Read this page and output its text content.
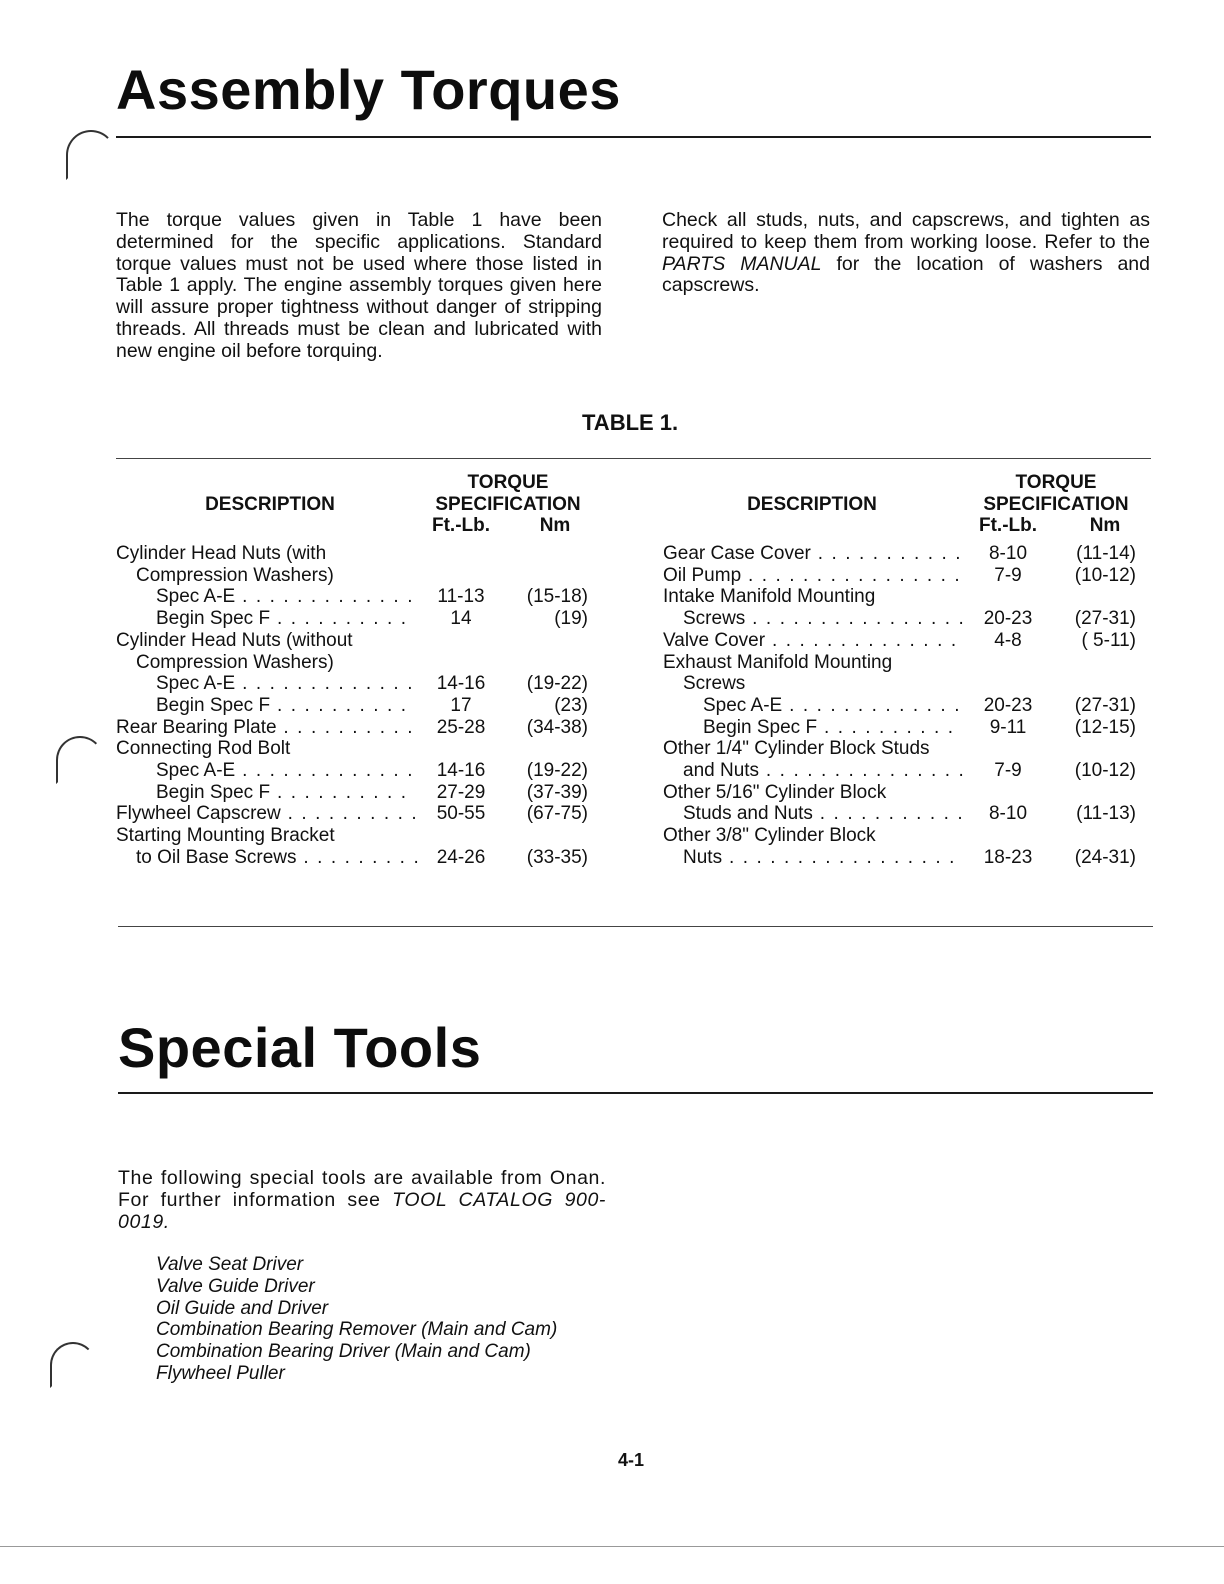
Assembly Torques
The torque values given in Table 1 have been determined for the specific applications. Standard torque values must not be used where those listed in Table 1 apply. The engine assembly torques given here will assure proper tightness without danger of stripping threads. All threads must be clean and lubricated with new engine oil before torquing.
Check all studs, nuts, and capscrews, and tighten as required to keep them from working loose. Refer to the PARTS MANUAL for the location of washers and capscrews.
TABLE 1.
DESCRIPTION
TORQUE
SPECIFICATION
Ft.-Lb.	Nm
DESCRIPTION
TORQUE
SPECIFICATION
Ft.-Lb.	Nm
Cylinder Head Nuts (with
Compression Washers)
Spec A-E . . . . . . . . . . . . .	11-13	(15-18)
Begin Spec F . . . . . . . . . .	14	(19)
Cylinder Head Nuts (without
Compression Washers)
Spec A-E . . . . . . . . . . . . .	14-16	(19-22)
Begin Spec F . . . . . . . . . .	17	(23)
Rear Bearing Plate . . . . . . . . . .	25-28	(34-38)
Connecting Rod Bolt
Spec A-E . . . . . . . . . . . . .	14-16	(19-22)
Begin Spec F . . . . . . . . . .	27-29	(37-39)
Flywheel Capscrew . . . . . . . . . . 50-55	(67-75)
Starting Mounting Bracket
to Oil Base Screws . . . . . . . . . 24-26	(33-35)
Gear Case Cover . . . . . . . . . . .	8-10	(11-14)
Oil Pump . . . . . . . . . . . . . . . .	7-9	(10-12)
Intake Manifold Mounting
Screws . . . . . . . . . . . . . . . . 20-23	(27-31)
Valve Cover . . . . . . . . . . . . . .	4-8	( 5-11)
Exhaust Manifold Mounting
Screws
Spec A-E . . . . . . . . . . . . .	20-23	(27-31)
Begin Spec F . . . . . . . . . .	9-11	(12-15)
Other 1/4" Cylinder Block Studs
and Nuts . . . . . . . . . . . . . . .	7-9	(10-12)
Other 5/16" Cylinder Block
Studs and Nuts . . . . . . . . . . .	8-10	(11-13)
Other 3/8" Cylinder Block
Nuts . . . . . . . . . . . . . . . . .	18-23	(24-31)
Special Tools
The following special tools are available from Onan. For further information see TOOL CATALOG 900-0019.
Valve Seat Driver
Valve Guide Driver
Oil Guide and Driver
Combination Bearing Remover (Main and Cam)
Combination Bearing Driver (Main and Cam)
Flywheel Puller
4-1
